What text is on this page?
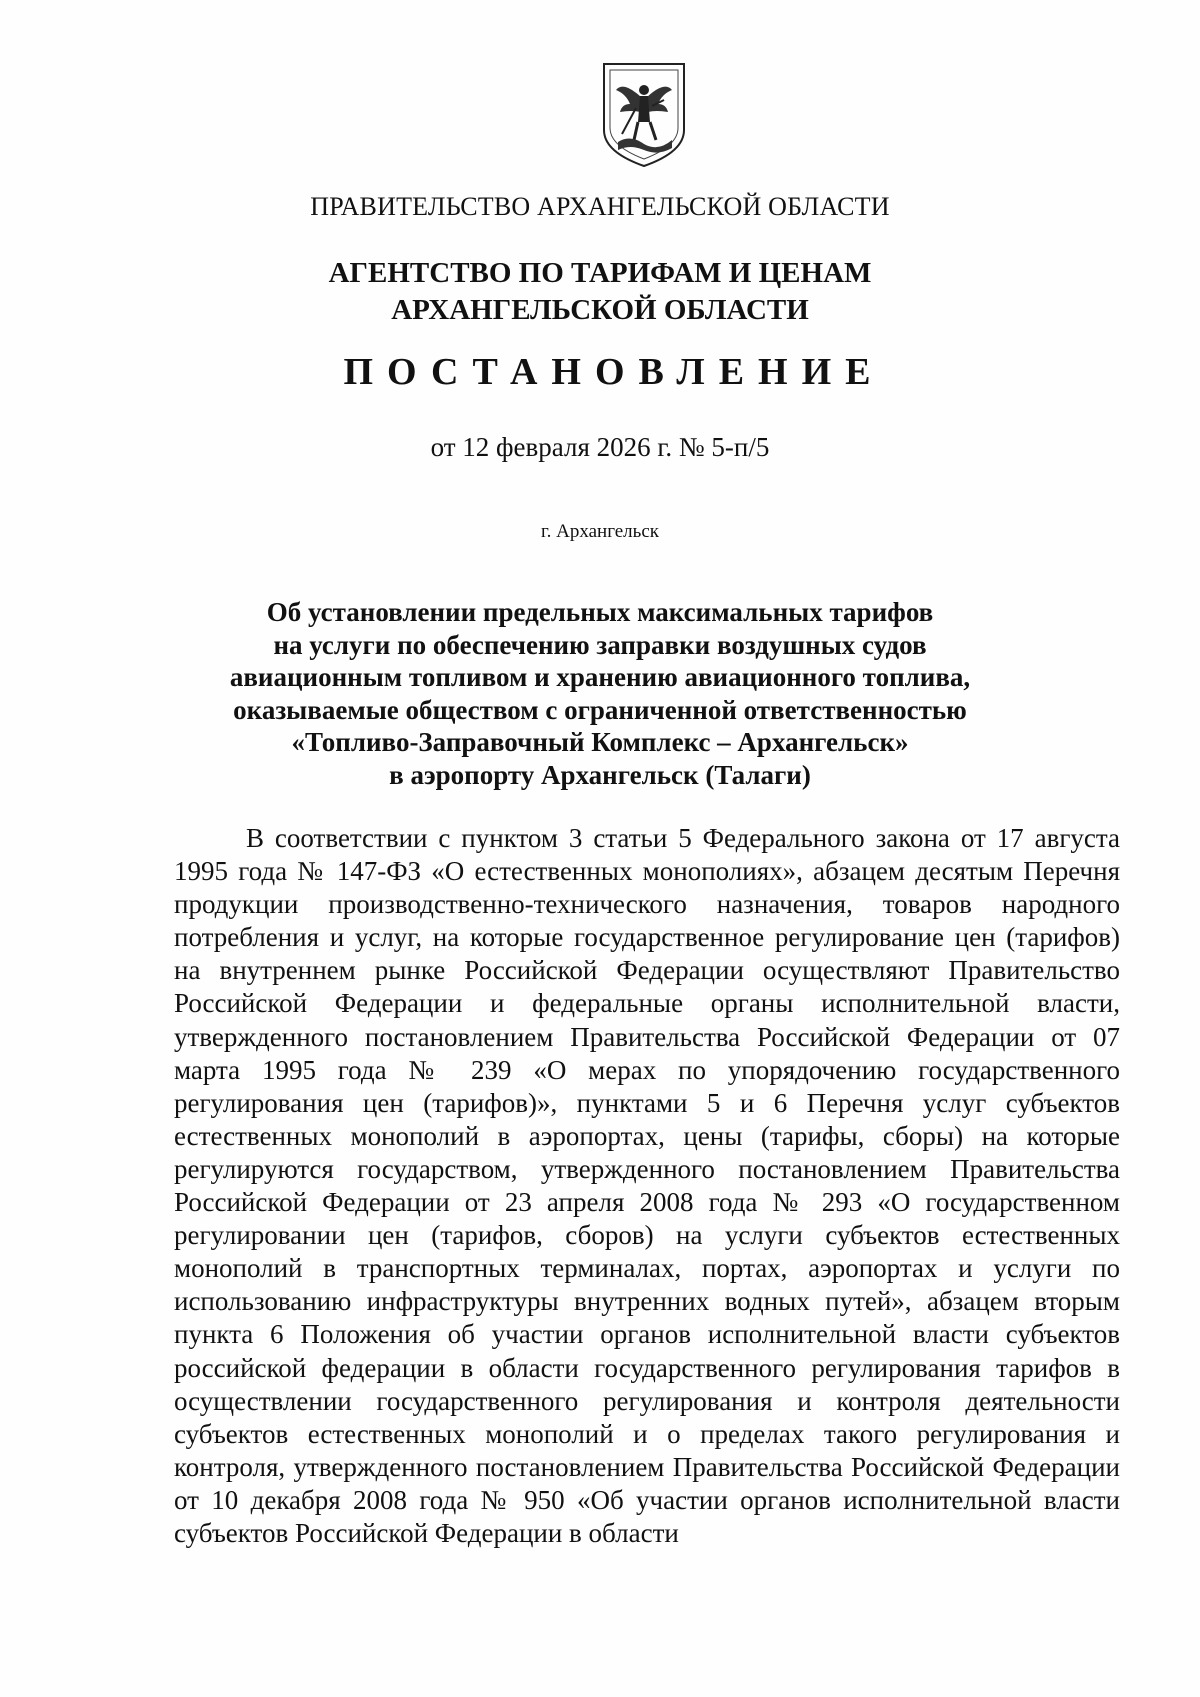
ПРАВИТЕЛЬСТВО АРХАНГЕЛЬСКОЙ ОБЛАСТИ
АГЕНТСТВО ПО ТАРИФАМ И ЦЕНАМ
АРХАНГЕЛЬСКОЙ ОБЛАСТИ
ПОСТАНОВЛЕНИЕ
от 12 февраля 2026 г. № 5-п/5
г. Архангельск
Об установлении предельных максимальных тарифов
на услуги по обеспечению заправки воздушных судов
авиационным топливом и хранению авиационного топлива,
оказываемые обществом с ограниченной ответственностью
«Топливо-Заправочный Комплекс – Архангельск»
в аэропорту Архангельск (Талаги)

В соответствии с пунктом 3 статьи 5 Федерального закона от 17 августа 1995 года № 147-ФЗ «О естественных монополиях», абзацем десятым Перечня продукции производственно-технического назначения, товаров народного потребления и услуг, на которые государственное регулирование цен (тарифов) на внутреннем рынке Российской Федерации осуществляют Правительство Российской Федерации и федеральные органы исполнительной власти, утвержденного постановлением Правительства Российской Федерации от 07 марта 1995 года № 239 «О мерах по упорядочению государственного регулирования цен (тарифов)», пунктами 5 и 6 Перечня услуг субъектов естественных монополий в аэропортах, цены (тарифы, сборы) на которые регулируются государством, утвержденного постановлением Правительства Российской Федерации от 23 апреля 2008 года № 293 «О государственном регулировании цен (тарифов, сборов) на услуги субъектов естественных монополий в транспортных терминалах, портах, аэропортах и услуги по использованию инфраструктуры внутренних водных путей», абзацем вторым пункта 6 Положения об участии органов исполнительной власти субъектов российской федерации в области государственного регулирования тарифов в осуществлении государственного регулирования и контроля деятельности субъектов естественных монополий и о пределах такого регулирования и контроля, утвержденного постановлением Правительства Российской Федерации от 10 декабря 2008 года № 950 «Об участии органов исполнительной власти субъектов Российской Федерации в области
